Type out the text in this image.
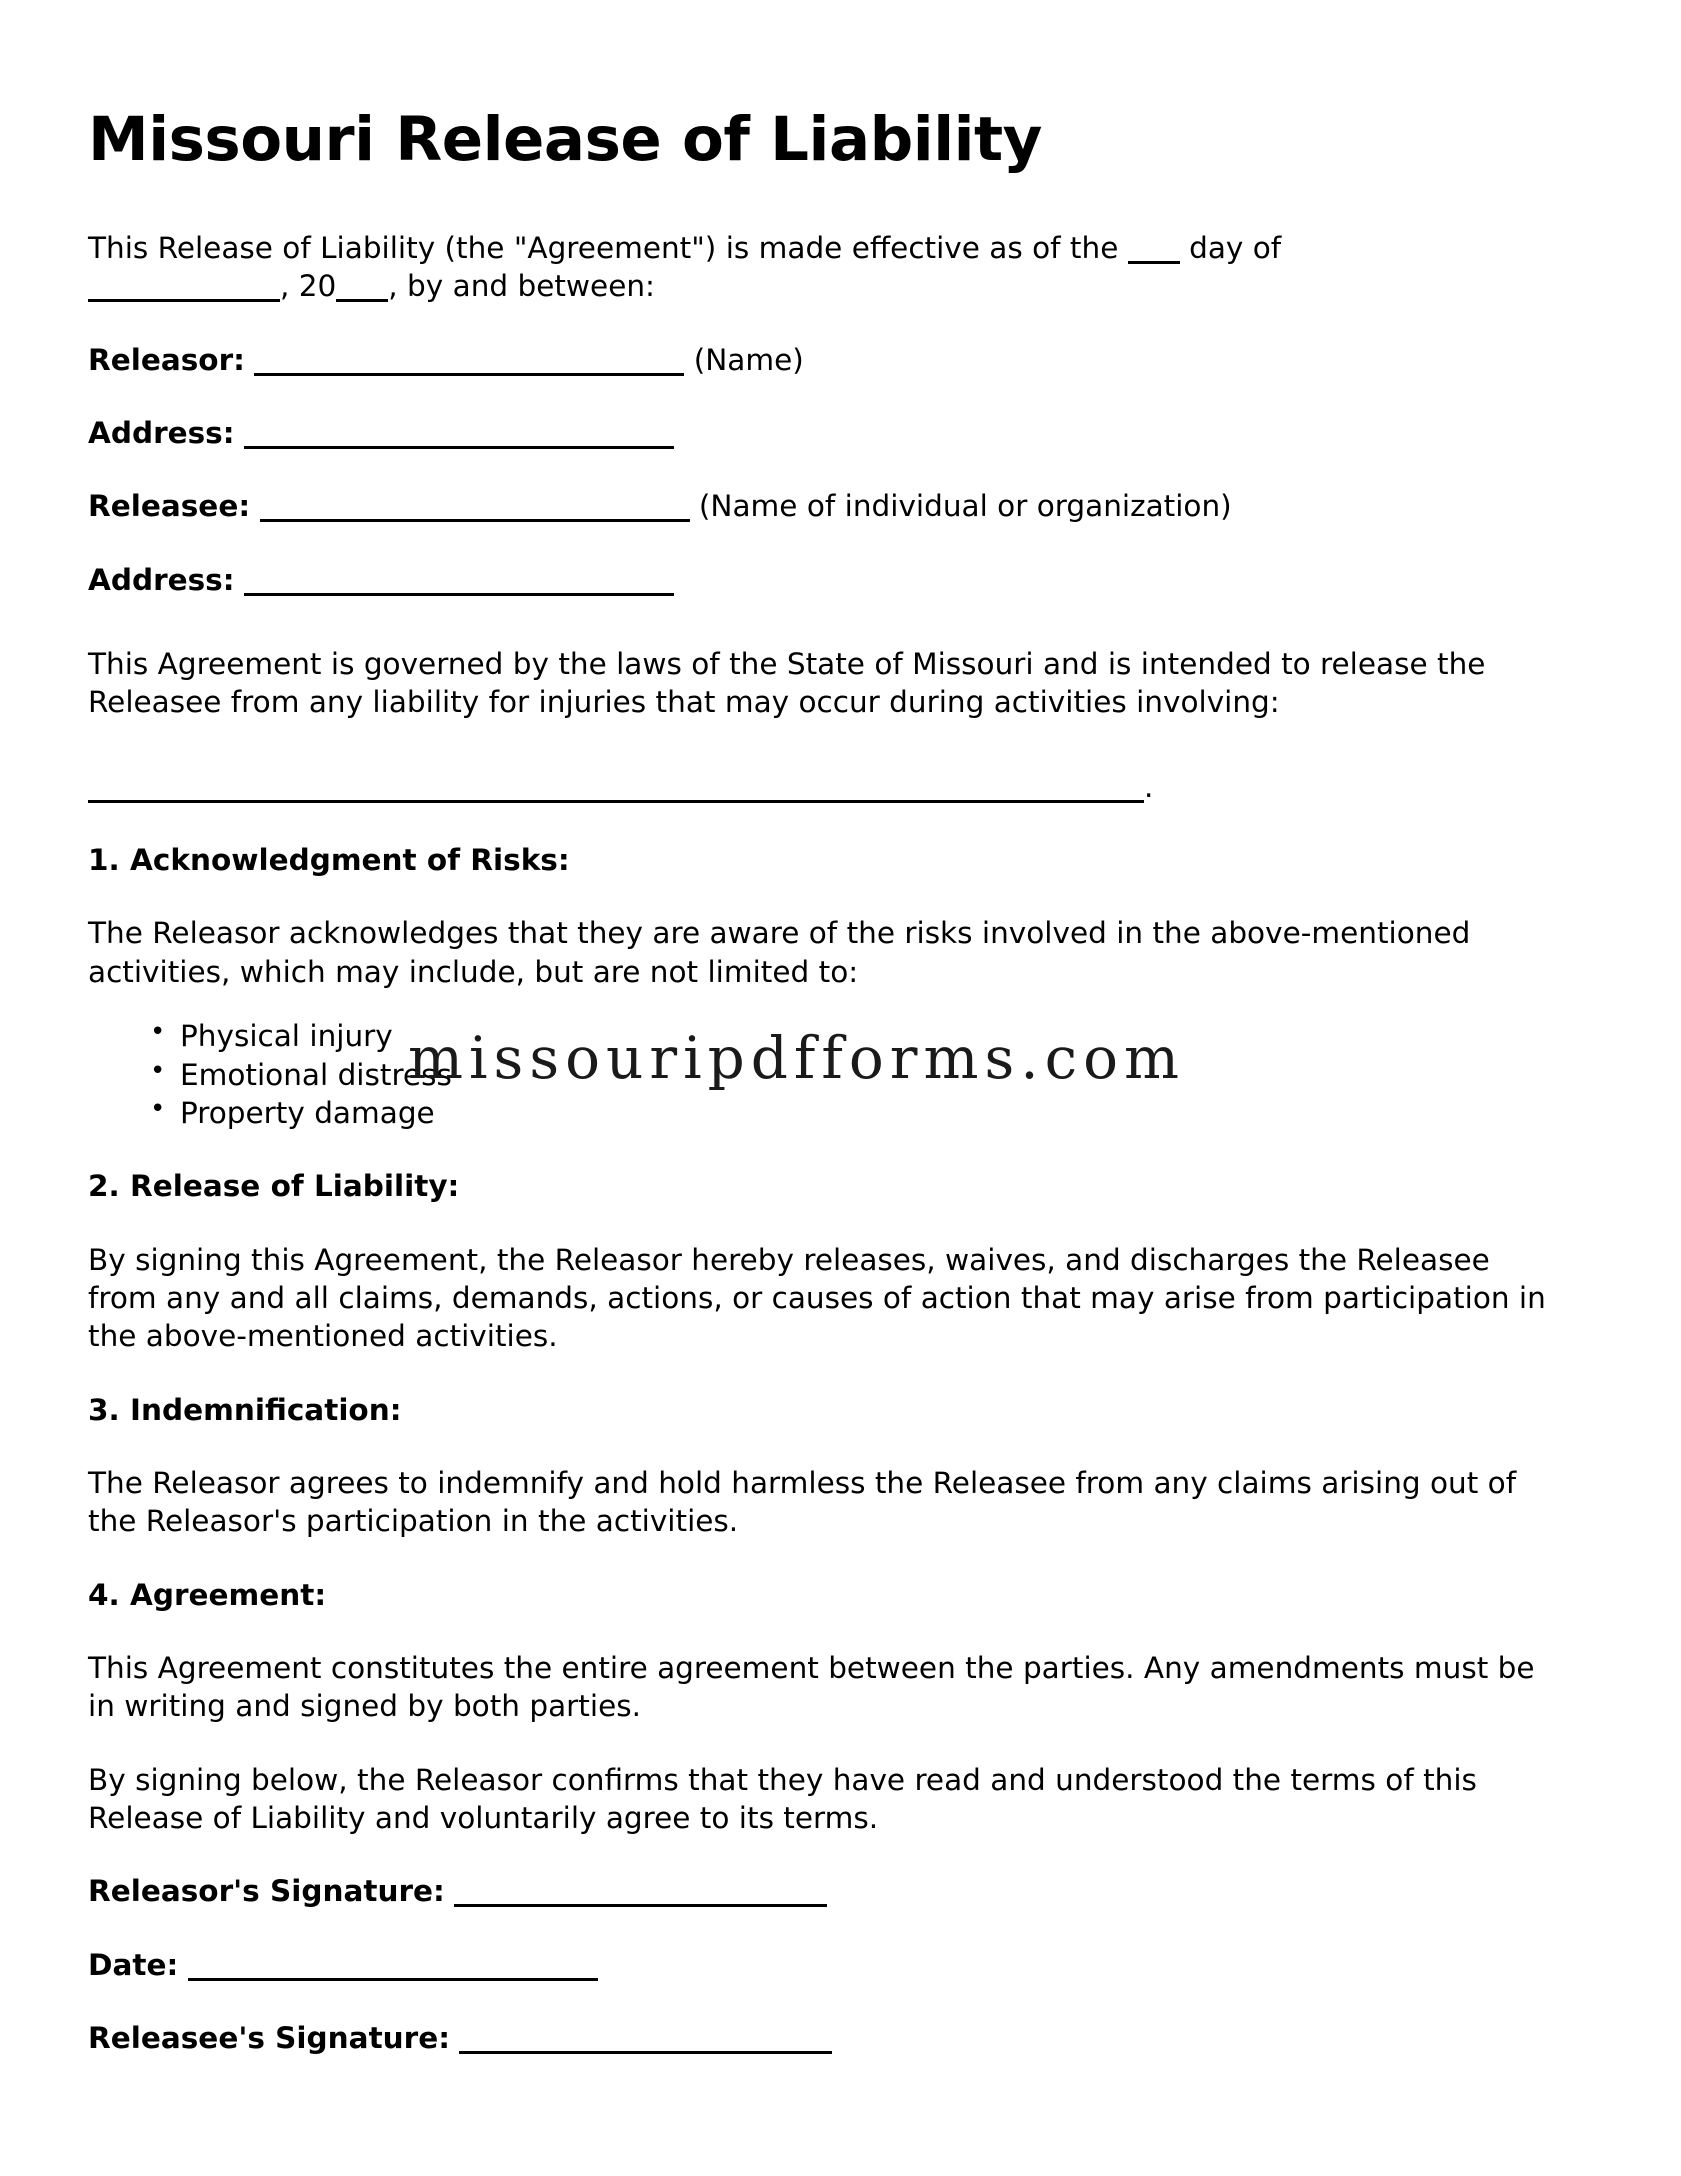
Missouri Release of Liability

This Release of Liability (the "Agreement") is made effective as of the  day of
, 20 , by and between:

Releasor:	(Name)
Address:
Releasee:	(Name of individual or organization)
Address:

This Agreement is governed by the laws of the State of Missouri and is intended to release the Releasee from any liability for injuries that may occur during activities involving:

.
1. Acknowledgment of Risks:

The Releasor acknowledges that they are aware of the risks involved in the above-mentioned activities, which may include, but are not limited to:

• Physical injury
• Emotional distress
• Property damage
2. Release of Liability:

By signing this Agreement, the Releasor hereby releases, waives, and discharges the Releasee from any and all claims, demands, actions, or causes of action that may arise from participation in the above-mentioned activities.

3. Indemnification:

The Releasor agrees to indemnify and hold harmless the Releasee from any claims arising out of the Releasor's participation in the activities.

4. Agreement:

This Agreement constitutes the entire agreement between the parties. Any amendments must be in writing and signed by both parties.

By signing below, the Releasor confirms that they have read and understood the terms of this Release of Liability and voluntarily agree to its terms.

Releasor's Signature:
Date:
Releasee's Signature:
missouripdfforms.com
